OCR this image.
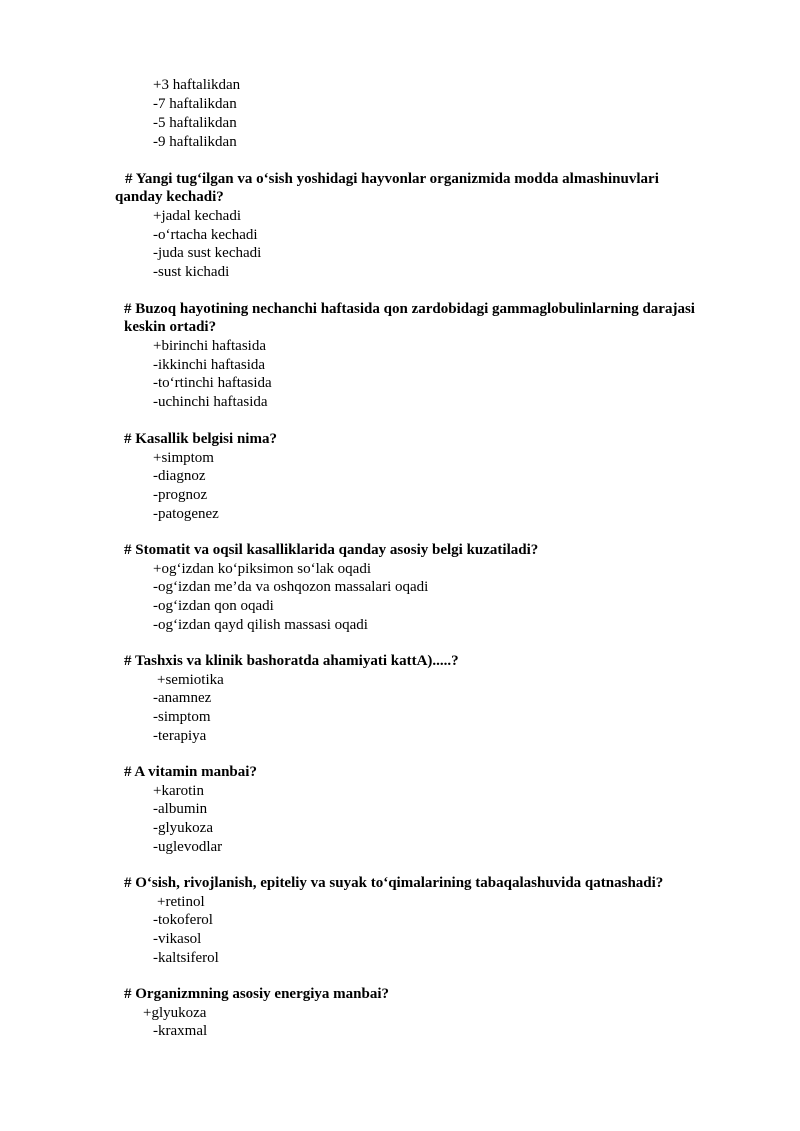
+3 haftalikdan
-7 haftalikdan
-5 haftalikdan
-9 haftalikdan
# Yangi tug‘ilgan va o‘sish yoshidagi hayvonlar organizmida modda almashinuvlari
qanday kechadi?
+jadal kechadi
-o‘rtacha kechadi
-juda sust kechadi
-sust kichadi
# Buzoq hayotining nechanchi haftasida qon zardobidagi gammaglobulinlarning darajasi
keskin ortadi?
+birinchi haftasida
-ikkinchi haftasida
-to‘rtinchi haftasida
-uchinchi haftasida
# Kasallik belgisi nima?
+simptom
-diagnoz
-prognoz
-patogenez
# Stomatit va oqsil kasalliklarida qanday asosiy belgi kuzatiladi?
+og‘izdan ko‘piksimon so‘lak oqadi
-og‘izdan me’da va oshqozon massalari oqadi
-og‘izdan qon oqadi
-og‘izdan qayd qilish massasi oqadi
# Tashxis va klinik bashoratda ahamiyati kattA).....?
+semiotika
-anamnez
-simptom
-terapiya
# A vitamin manbai?
+karotin
-albumin
-glyukoza
-uglevodlar
# O‘sish, rivojlanish, epiteliy va suyak to‘qimalarining tabaqalashuvida qatnashadi?
+retinol
-tokoferol
-vikasol
-kaltsiferol
# Organizmning asosiy energiya manbai?
+glyukoza
-kraxmal
